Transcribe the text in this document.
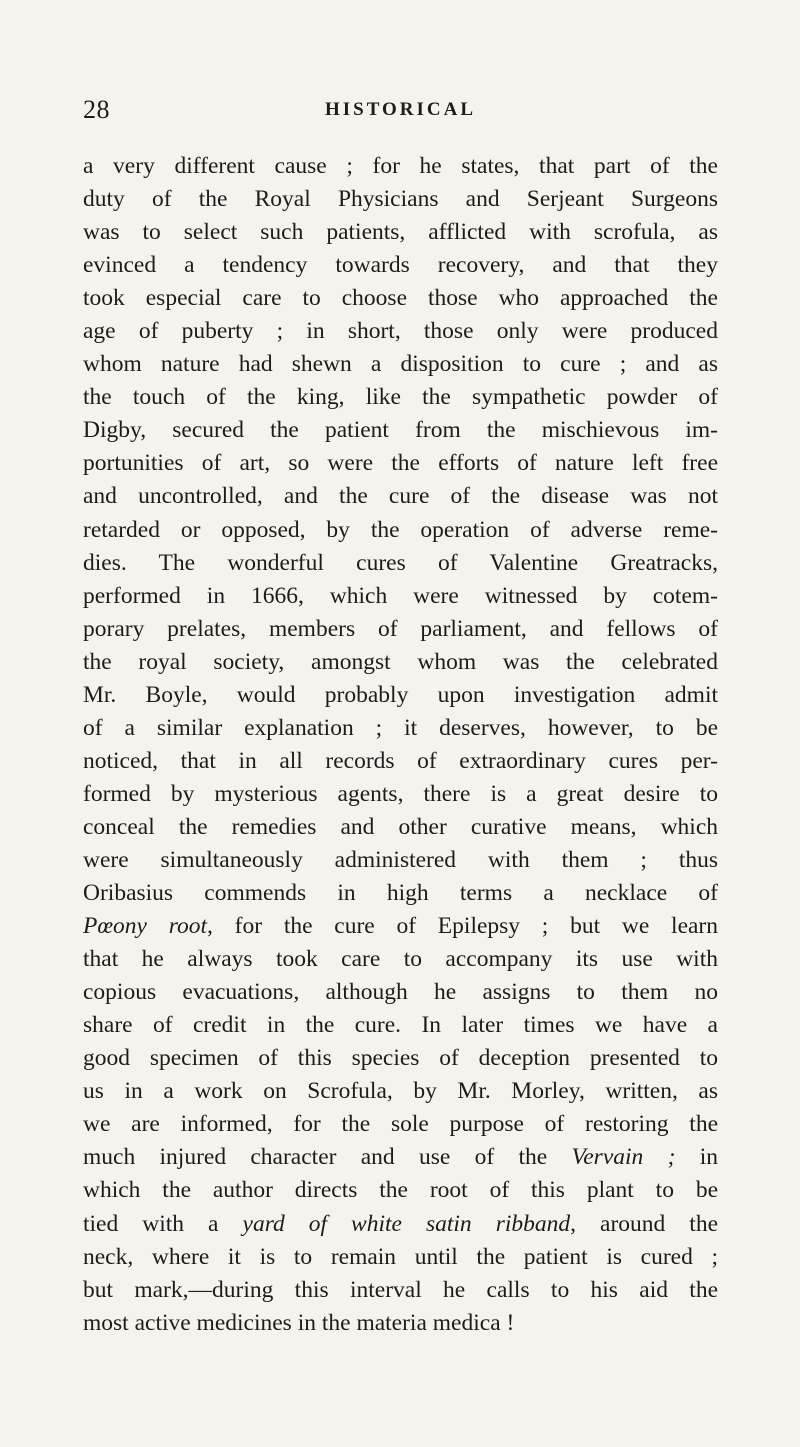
28	HISTORICAL
a very different cause ; for he states, that part of the
duty of the Royal Physicians and Serjeant Surgeons
was to select such patients, afflicted with scrofula, as
evinced a tendency towards recovery, and that they
took especial care to choose those who approached the
age of puberty ; in short, those only were produced
whom nature had shewn a disposition to cure ; and as
the touch of the king, like the sympathetic powder of
Digby, secured the patient from the mischievous im-
portunities of art, so were the efforts of nature left free
and uncontrolled, and the cure of the disease was not
retarded or opposed, by the operation of adverse reme-
dies. The wonderful cures of Valentine Greatracks,
performed in 1666, which were witnessed by cotem-
porary prelates, members of parliament, and fellows of
the royal society, amongst whom was the celebrated
Mr. Boyle, would probably upon investigation admit
of a similar explanation ; it deserves, however, to be
noticed, that in all records of extraordinary cures per-
formed by mysterious agents, there is a great desire to
conceal the remedies and other curative means, which
were simultaneously administered with them ; thus
Oribasius commends in high terms a necklace of
Pœony root, for the cure of Epilepsy ; but we learn
that he always took care to accompany its use with
copious evacuations, although he assigns to them no
share of credit in the cure. In later times we have a
good specimen of this species of deception presented to
us in a work on Scrofula, by Mr. Morley, written, as
we are informed, for the sole purpose of restoring the
much injured character and use of the Vervain ; in
which the author directs the root of this plant to be
tied with a yard of white satin ribband, around the
neck, where it is to remain until the patient is cured ;
but mark,—during this interval he calls to his aid the
most active medicines in the materia medica !
